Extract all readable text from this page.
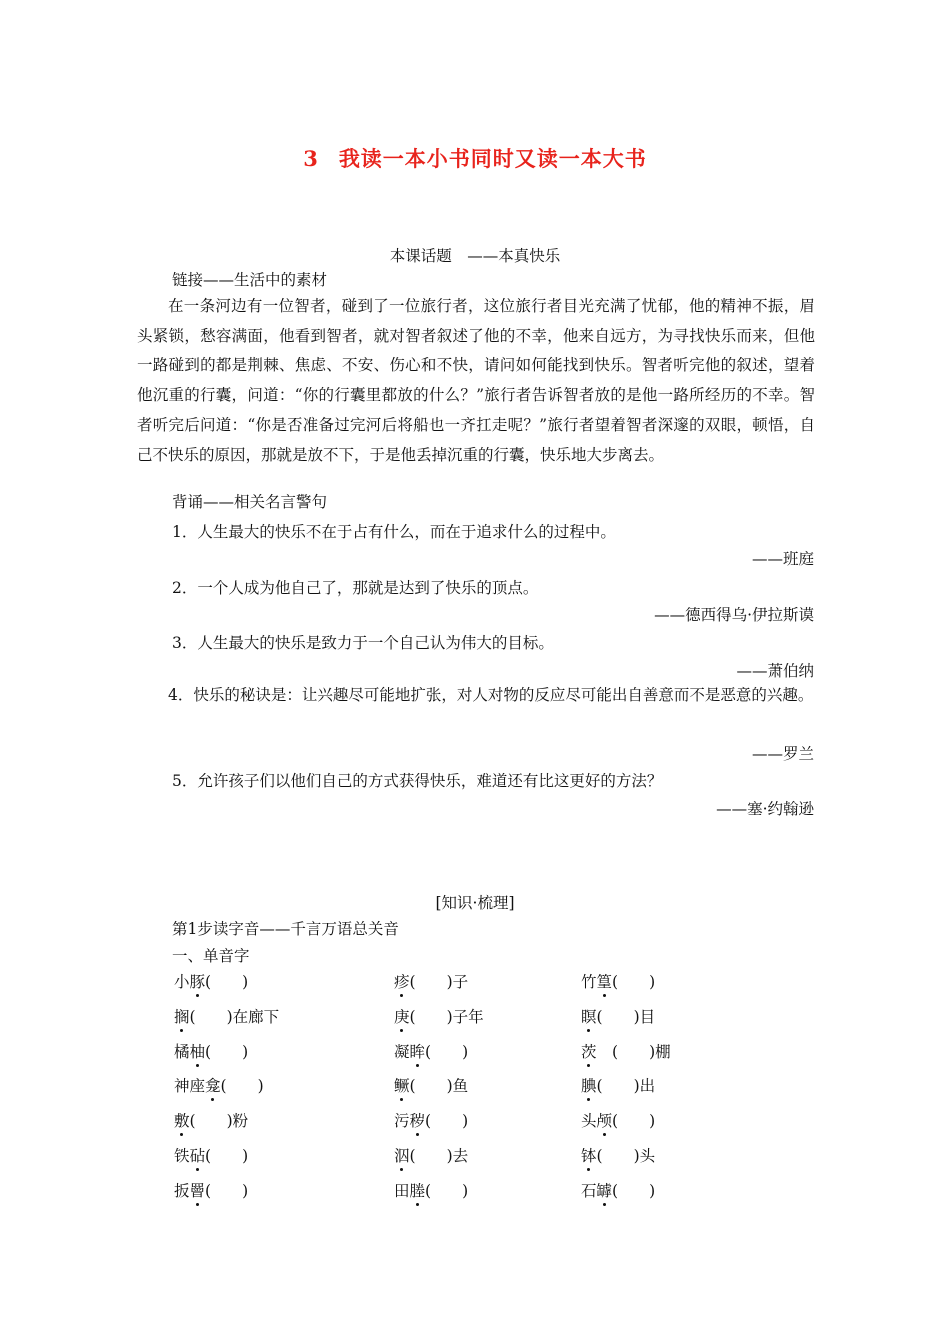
3 我读一本小书同时又读一本大书
本课话题　——本真快乐
链接——生活中的素材

在一条河边有一位智者，碰到了一位旅行者，这位旅行者目光充满了忧郁，他的精神不振，眉头紧锁，愁容满面，他看到智者，就对智者叙述了他的不幸，他来自远方，为寻找快乐而来，但他一路碰到的都是荆棘、焦虑、不安、伤心和不快，请问如何能找到快乐。智者听完他的叙述，望着他沉重的行囊，问道：“你的行囊里都放的什么？”旅行者告诉智者放的是他一路所经历的不幸。智者听完后问道：“你是否准备过完河后将船也一齐扛走呢？”旅行者望着智者深邃的双眼，顿悟，自己不快乐的原因，那就是放不下，于是他丢掉沉重的行囊，快乐地大步离去。

背诵——相关名言警句
1．人生最大的快乐不在于占有什么，而在于追求什么的过程中。
——班庭
2．一个人成为他自己了，那就是达到了快乐的顶点。
——德西得乌·伊拉斯谟
3．人生最大的快乐是致力于一个自己认为伟大的目标。
——萧伯纳

4．快乐的秘诀是：让兴趣尽可能地扩张，对人对物的反应尽可能出自善意而不是恶意的兴趣。

——罗兰
5．允许孩子们以他们自己的方式获得快乐，难道还有比这更好的方法？
——塞·约翰逊
[知识·梳理]
第1步读字音——千言万语总关音
一、单音字
小豚(　　)	疹(　　)子	竹篁(　　)
搁(　　)在廊下	庚(　　)子年	瞑(　　)目
橘柚(　　)	凝眸(　　)	茨　(　　)棚
神座龛(　　)	鳜(　　)鱼	腆(　　)出
敷(　　)粉	污秽(　　)	头颅(　　)
铁砧(　　)	泅(　　)去	钵(　　)头
扳罾(　　)	田塍(　　)	石罅(　　)
